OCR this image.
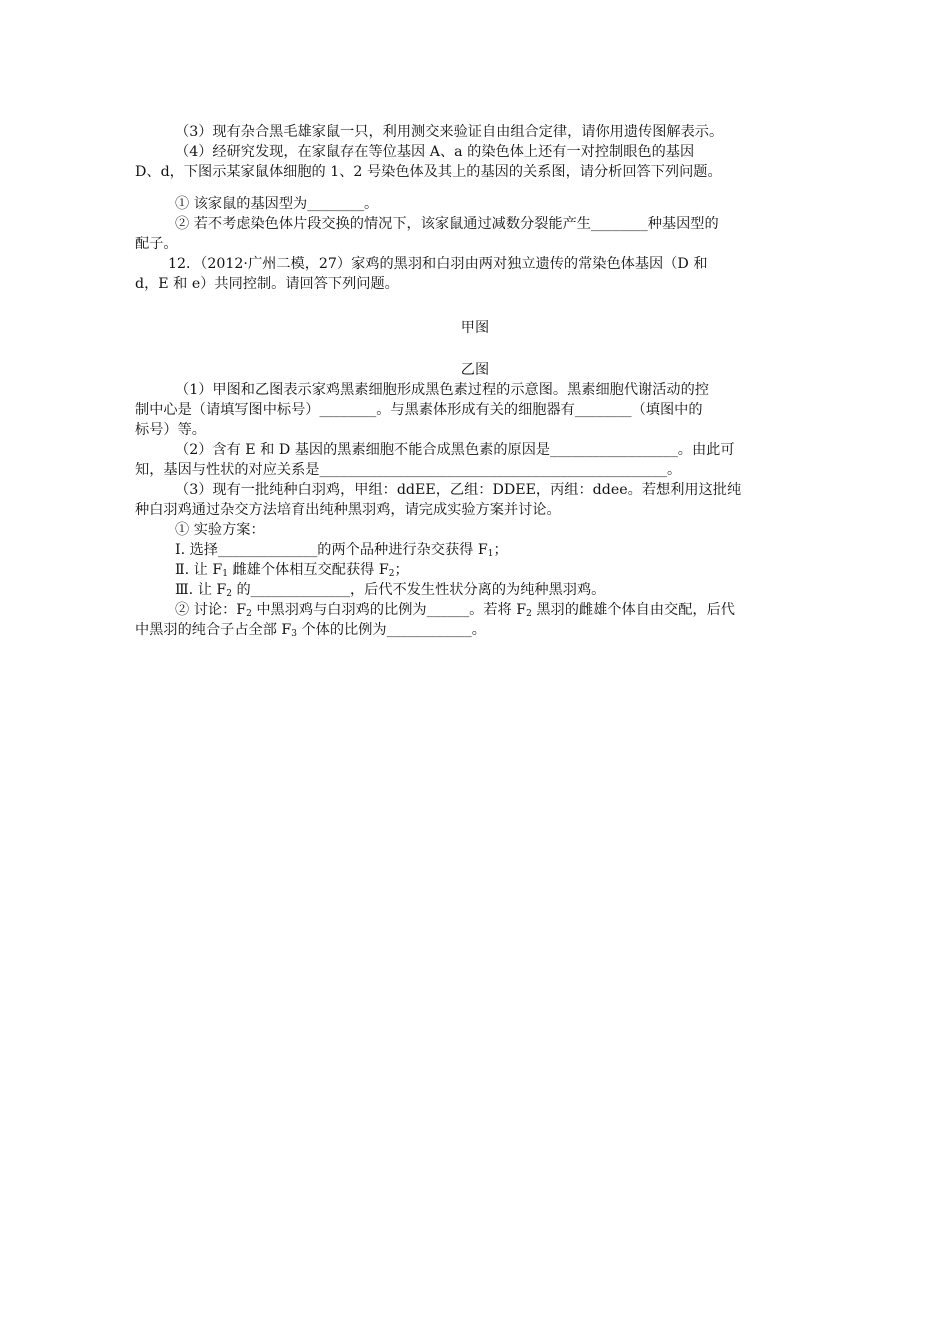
（3）现有杂合黑毛雄家鼠一只，利用测交来验证自由组合定律，请你用遗传图解表示。

（4）经研究发现，在家鼠存在等位基因 A、a 的染色体上还有一对控制眼色的基因

D、d，下图示某家鼠体细胞的 1、2 号染色体及其上的基因的关系图，请分析回答下列问题。

① 该家鼠的基因型为________。

② 若不考虑染色体片段交换的情况下，该家鼠通过减数分裂能产生________种基因型的

配子。

12．（2012·广州二模，27）家鸡的黑羽和白羽由两对独立遗传的常染色体基因（D 和

d，E 和 e）共同控制。请回答下列问题。

甲图

乙图

（1）甲图和乙图表示家鸡黑素细胞形成黑色素过程的示意图。黑素细胞代谢活动的控

制中心是（请填写图中标号）________。与黑素体形成有关的细胞器有________（填图中的

标号）等。

（2）含有 E 和 D 基因的黑素细胞不能合成黑色素的原因是__________________。由此可

知，基因与性状的对应关系是_________________________________________________。

（3）现有一批纯种白羽鸡，甲组：ddEE，乙组：DDEE，丙组：ddee。若想利用这批纯

种白羽鸡通过杂交方法培育出纯种黑羽鸡，请完成实验方案并讨论。

① 实验方案：

Ⅰ. 选择______________的两个品种进行杂交获得 $F_1$；

Ⅱ. 让 $F_1$ 雌雄个体相互交配获得 $F_2$；

Ⅲ. 让 $F_2$ 的______________，后代不发生性状分离的为纯种黑羽鸡。

② 讨论：$F_2$ 中黑羽鸡与白羽鸡的比例为______。若将 $F_2$ 黑羽的雌雄个体自由交配，后代

中黑羽的纯合子占全部 $F_3$ 个体的比例为____________。
